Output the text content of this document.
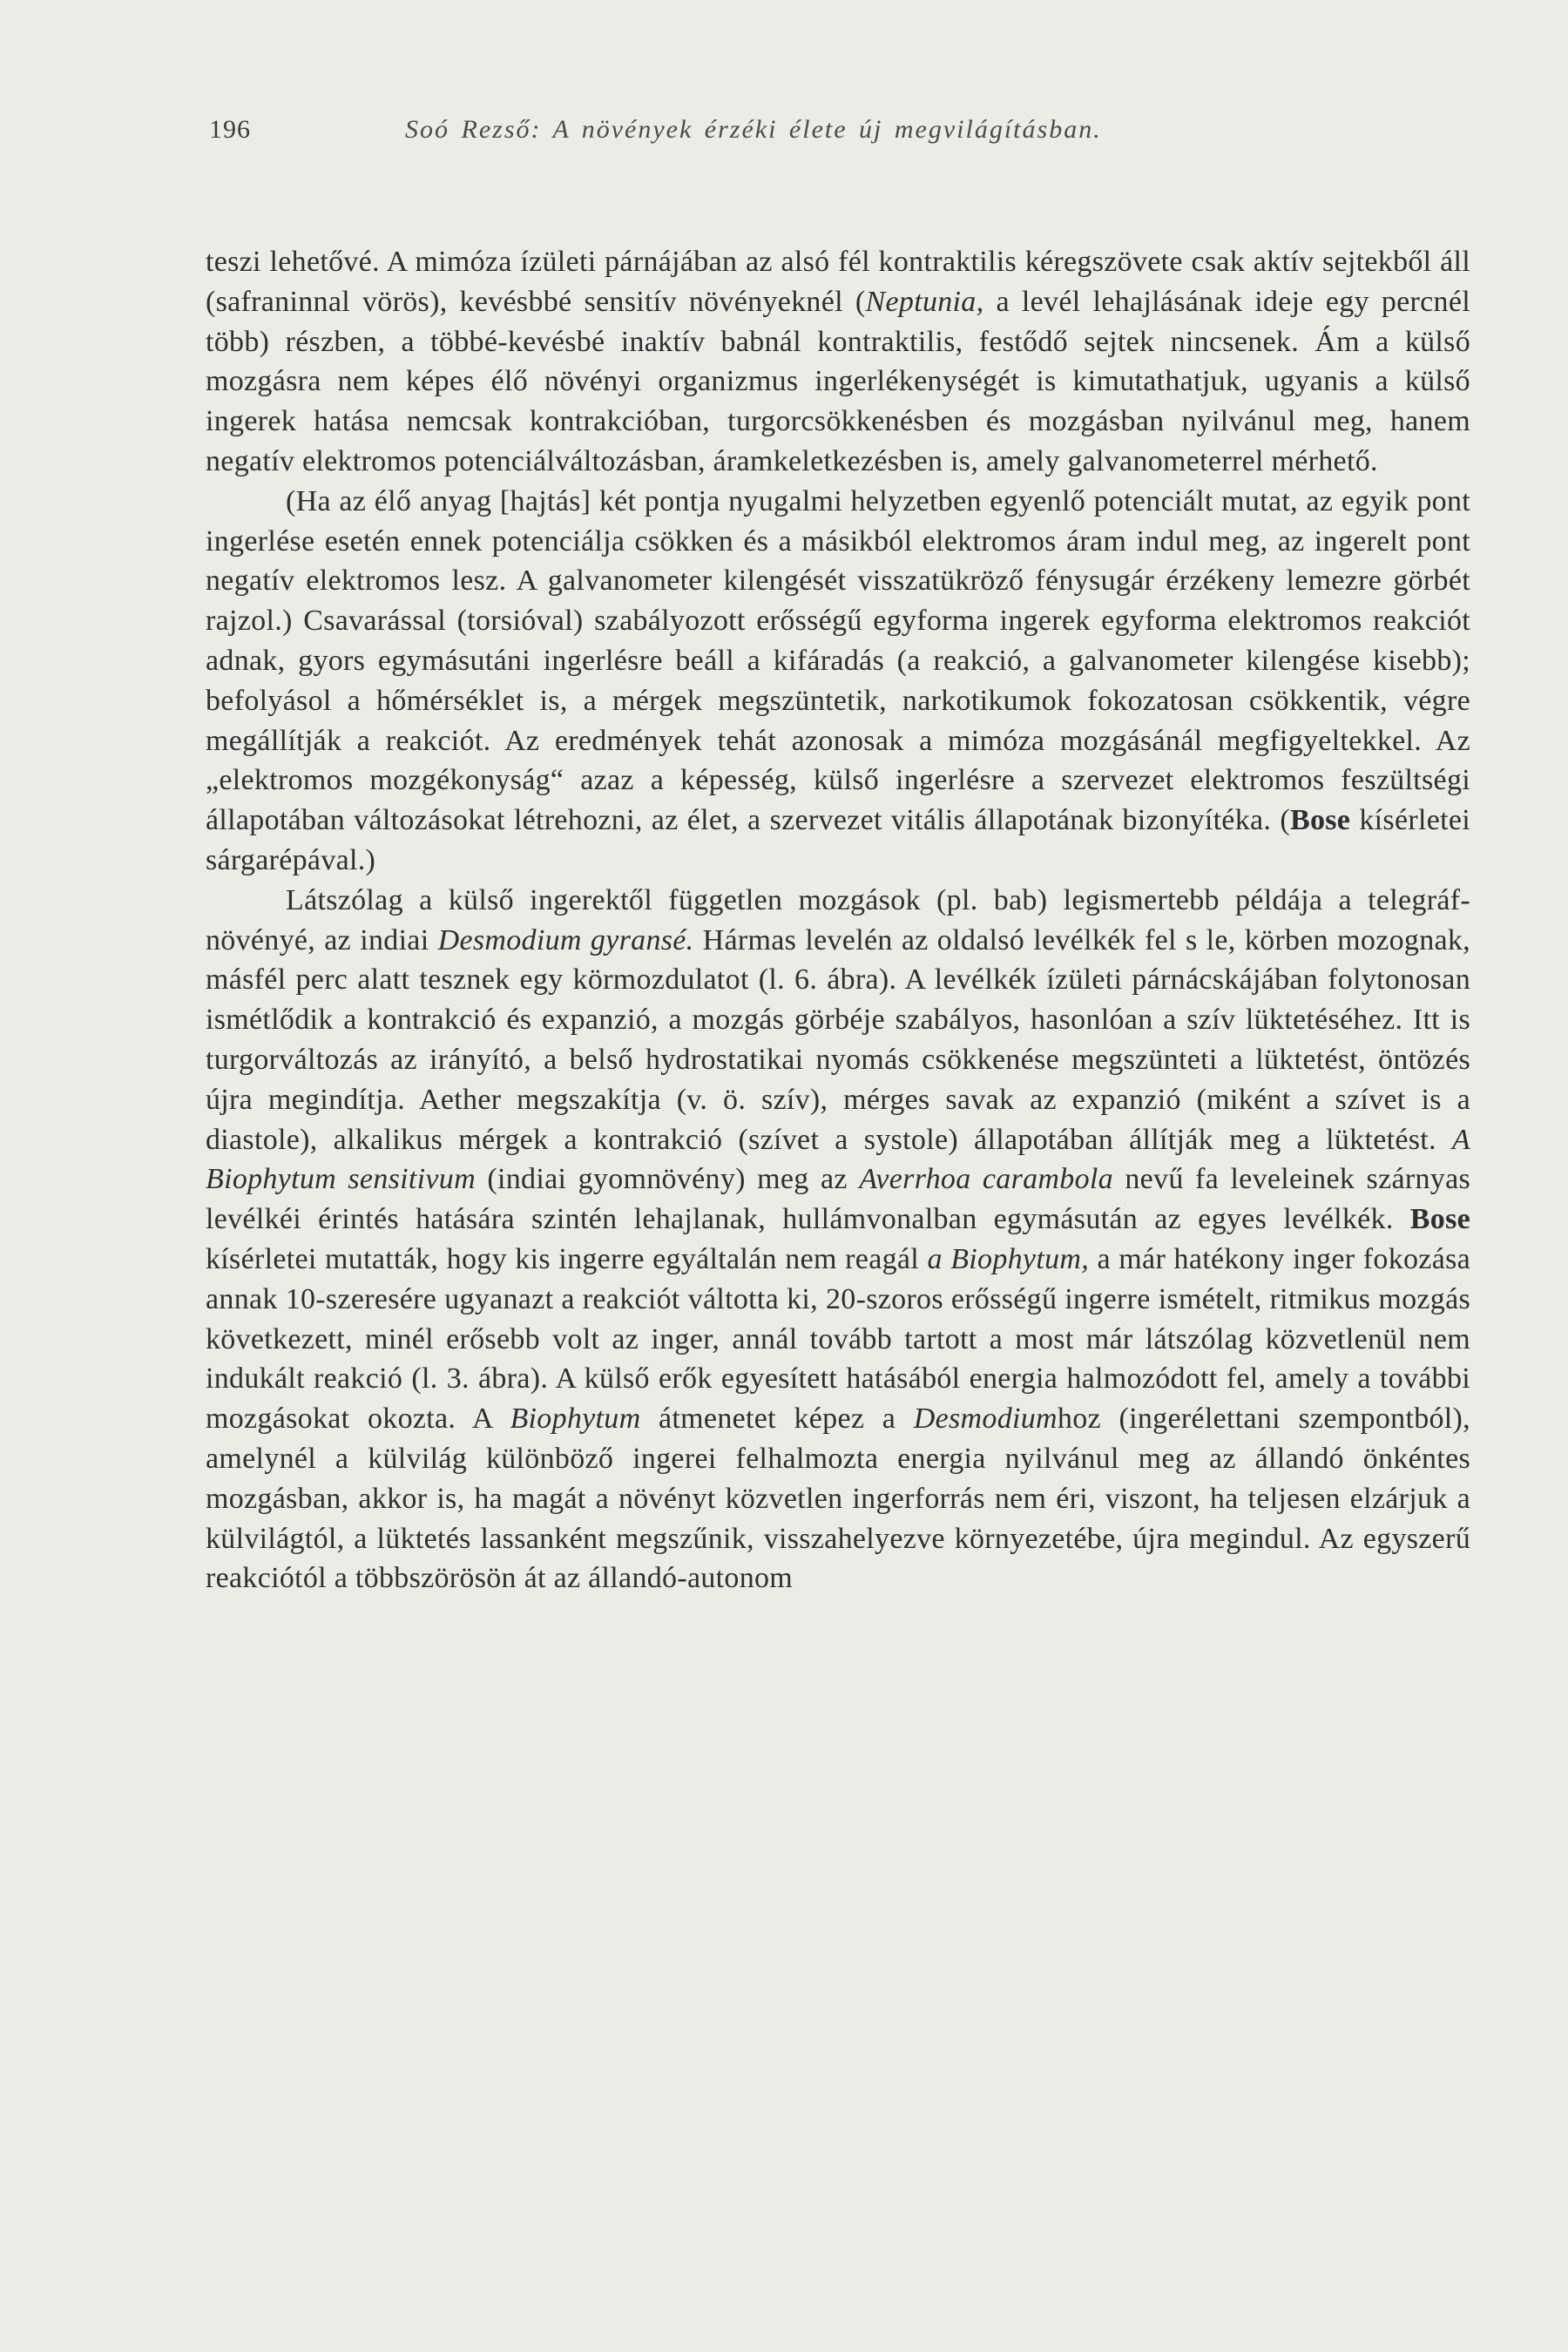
196	Soó Rezső: A növények érzéki élete új megvilágításban.

teszi lehetővé. A mimóza ízületi párnájában az alsó fél kontraktilis kéregszövete csak aktív sejtekből áll (safraninnal vörös), kevésbbé sensitív növényeknél (Neptunia, a levél lehajlásának ideje egy percnél több) részben, a többé-kevésbé inaktív babnál kontraktilis, festődő sejtek nincsenek. Ám a külső mozgásra nem képes élő növényi organizmus ingerlékenységét is kimutathatjuk, ugyanis a külső ingerek hatása nemcsak kontrakcióban, turgorcsökkenésben és mozgásban nyilvánul meg, hanem negatív elektromos potenciálváltozásban, áramkeletkezésben is, amely galvanometerrel mérhető.

(Ha az élő anyag [hajtás] két pontja nyugalmi helyzetben egyenlő potenciált mutat, az egyik pont ingerlése esetén ennek potenciálja csökken és a másikból elektromos áram indul meg, az ingerelt pont negatív elektromos lesz. A galvanometer kilengését visszatükröző fénysugár érzékeny lemezre görbét rajzol.) Csavarással (torsióval) szabályozott erősségű egyforma ingerek egyforma elektromos reakciót adnak, gyors egymásutáni ingerlésre beáll a kifáradás (a reakció, a galvanometer kilengése kisebb); befolyásol a hőmérséklet is, a mérgek megszüntetik, narkotikumok fokozatosan csökkentik, végre megállítják a reakciót. Az eredmények tehát azonosak a mimóza mozgásánál megfigyeltekkel. Az „elektromos mozgékonyság“ azaz a képesség, külső ingerlésre a szervezet elektromos feszültségi állapotában változásokat létrehozni, az élet, a szervezet vitális állapotának bizonyítéka. (Bose kísérletei sárgarépával.)

Látszólag a külső ingerektől független mozgások (pl. bab) legismertebb példája a telegráf-növényé, az indiai Desmodium gyransé. Hármas levelén az oldalsó levélkék fel s le, körben mozognak, másfél perc alatt tesznek egy körmozdulatot (l. 6. ábra). A levélkék ízületi párnácskájában folytonosan ismétlődik a kontrakció és expanzió, a mozgás görbéje szabályos, hasonlóan a szív lüktetéséhez. Itt is turgorváltozás az irányító, a belső hydrostatikai nyomás csökkenése megszünteti a lüktetést, öntözés újra megindítja. Aether megszakítja (v. ö. szív), mérges savak az expanzió (miként a szívet is a diastole), alkalikus mérgek a kontrakció (szívet a systole) állapotában állítják meg a lüktetést. A Biophytum sensitivum (indiai gyomnövény) meg az Averrhoa carambola nevű fa leveleinek szárnyas levélkéi érintés hatására szintén lehajlanak, hullámvonalban egymásután az egyes levélkék. Bose kísérletei mutatták, hogy kis ingerre egyáltalán nem reagál a Biophytum, a már hatékony inger fokozása annak 10-szeresére ugyanazt a reakciót váltotta ki, 20-szoros erősségű ingerre ismételt, ritmikus mozgás következett, minél erősebb volt az inger, annál tovább tartott a most már látszólag közvetlenül nem indukált reakció (l. 3. ábra). A külső erők egyesített hatásából energia halmozódott fel, amely a további mozgásokat okozta. A Biophytum átmenetet képez a Desmodiumhoz (ingerélettani szempontból), amelynél a külvilág különböző ingerei felhalmozta energia nyilvánul meg az állandó önkéntes mozgásban, akkor is, ha magát a növényt közvetlen ingerforrás nem éri, viszont, ha teljesen elzárjuk a külvilágtól, a lüktetés lassanként megszűnik, visszahelyezve környezetébe, újra megindul. Az egyszerű reakciótól a többszörösön át az állandó-autonom
